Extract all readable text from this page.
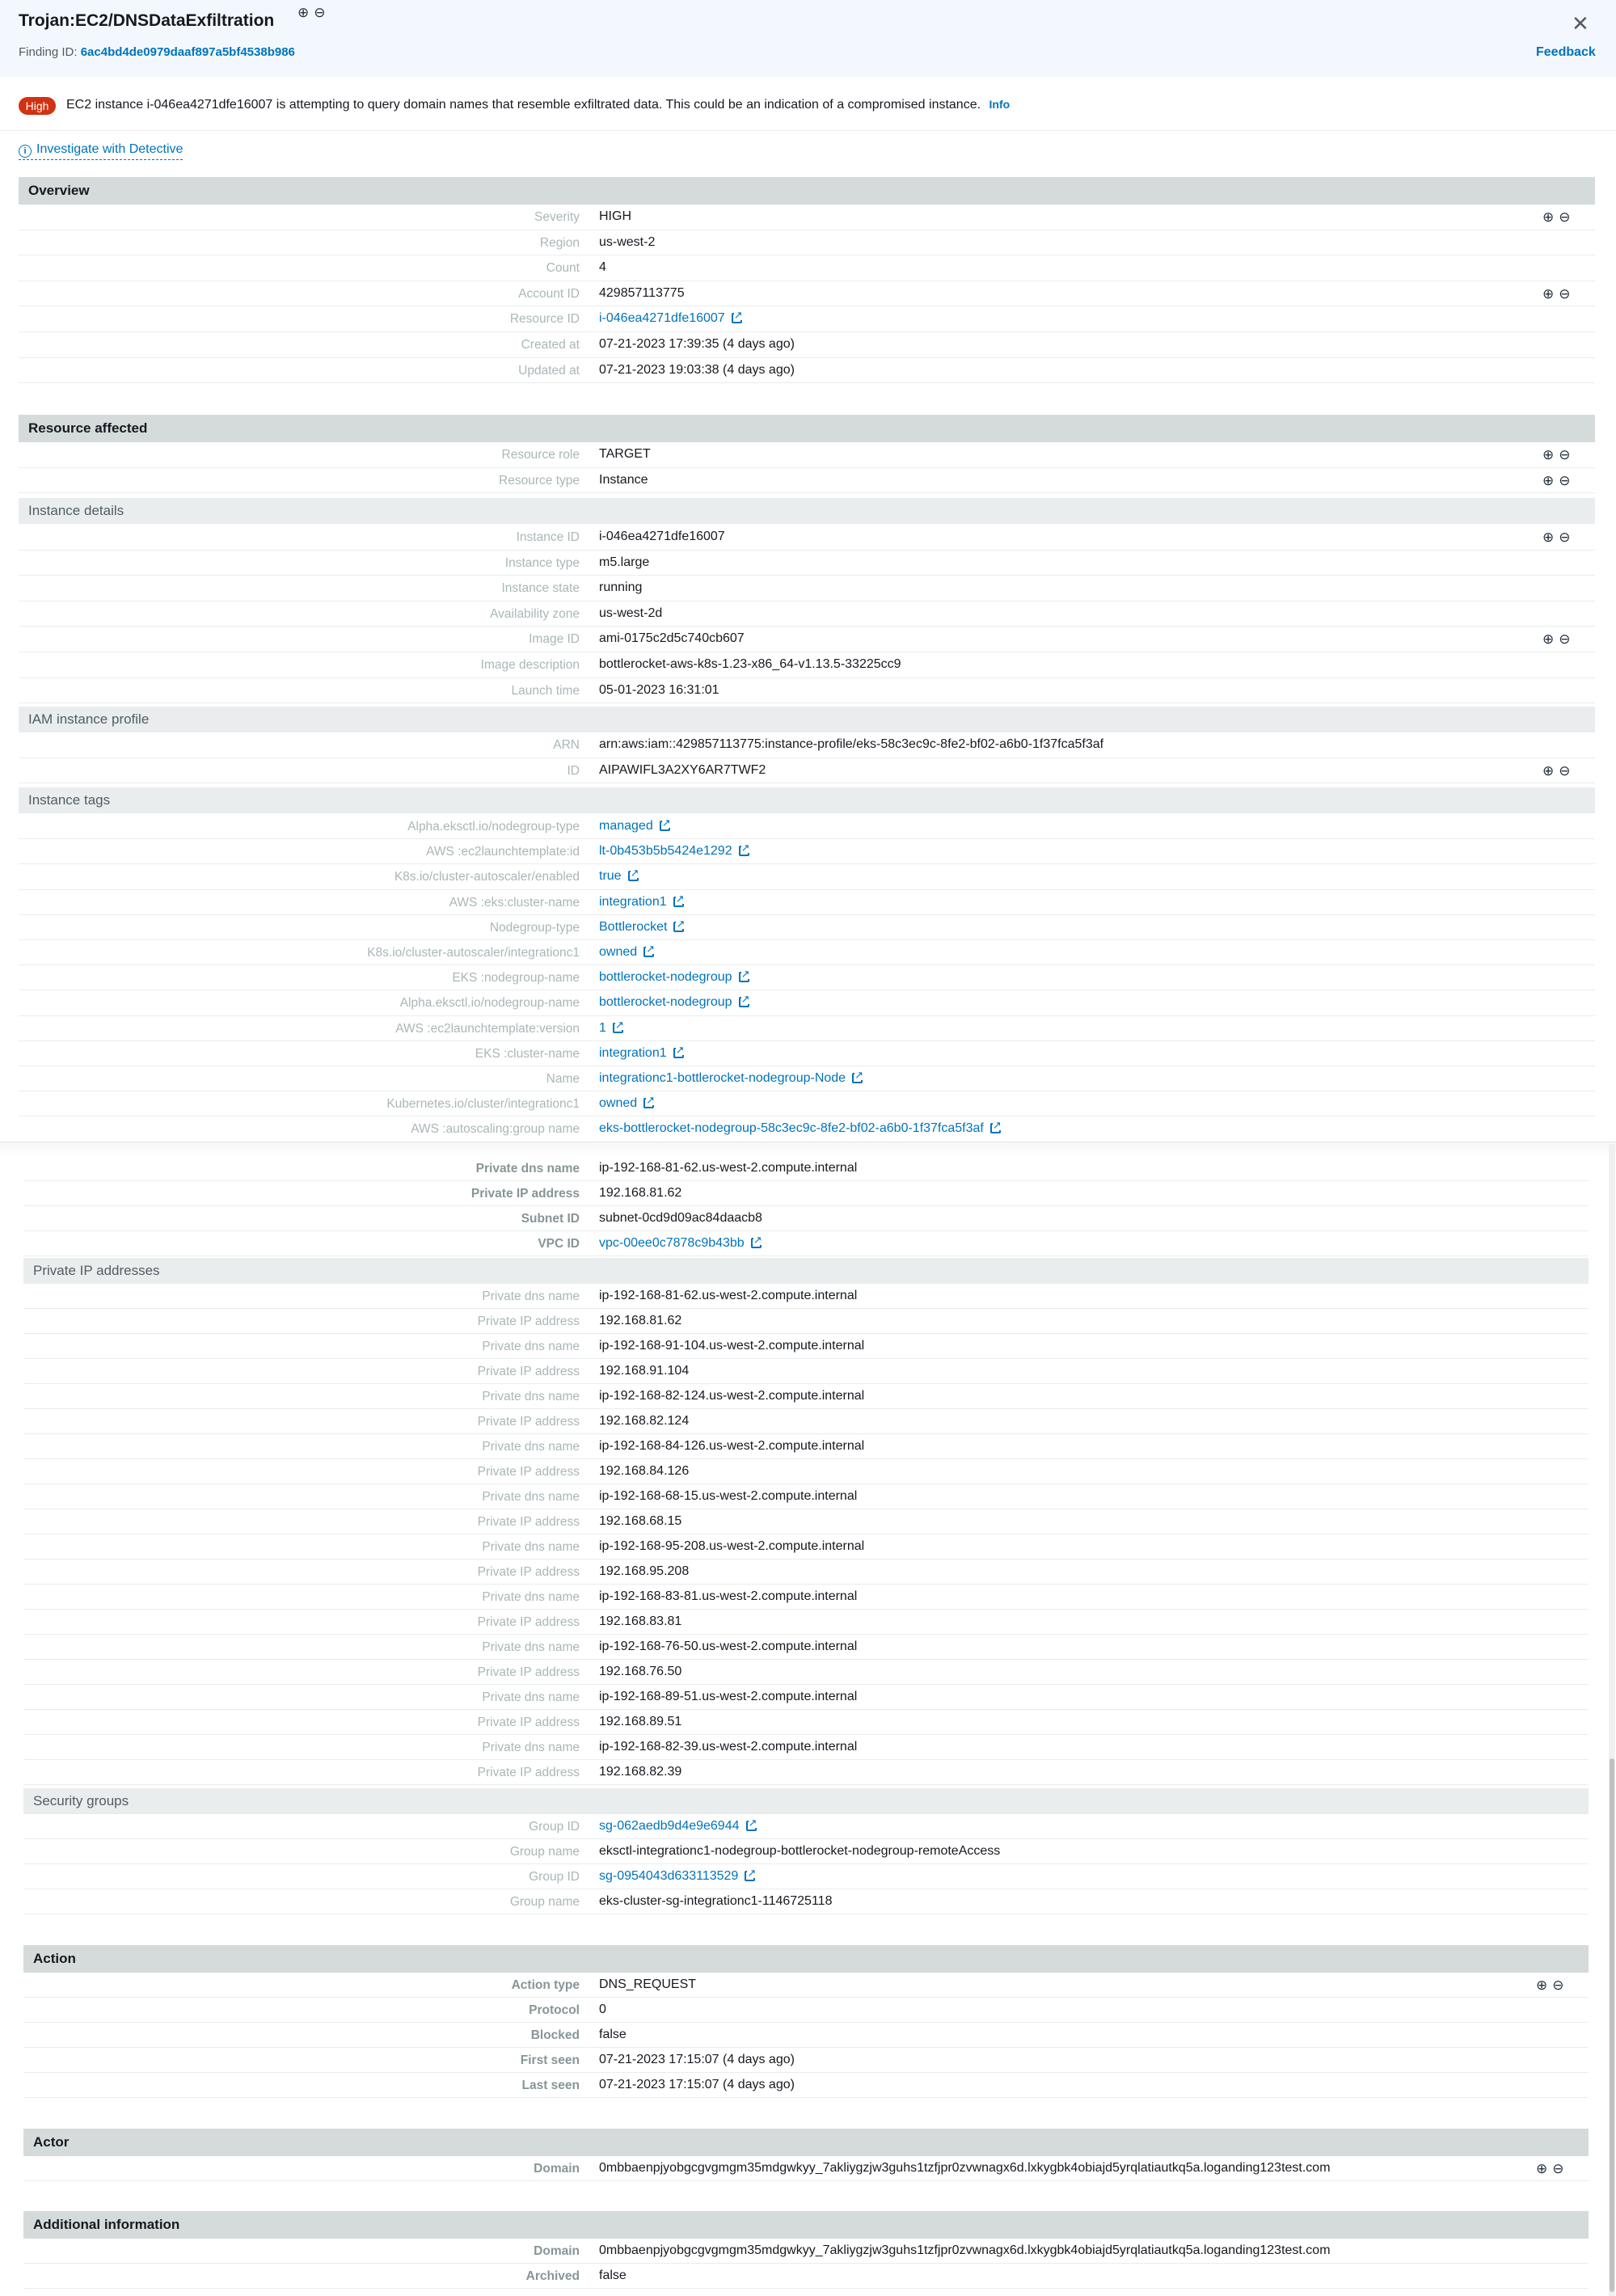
Trojan:EC2/DNSDataExfiltration ⊕⊖
Finding ID: 6ac4bd4de0979daaf897a5bf4538b986
✕
Feedback
High	EC2 instance i-046ea4271dfe16007 is attempting to query domain names that resemble exfiltrated data. This could be an indication of a compromised instance. Info
i Investigate with Detective
Overview
Severity HIGH	⊕⊖
Region us-west-2
Count 4
Account ID 429857113775	⊕⊖
Resource ID i-046ea4271dfe16007↗
Created at 07-21-2023 17:39:35 (4 days ago)
Updated at 07-21-2023 19:03:38 (4 days ago)
Resource affected
Resource role TARGET	⊕⊖
Resource type Instance	⊕⊖
Instance details
Instance ID i-046ea4271dfe16007	⊕⊖
Instance type m5.large
Instance state running
Availability zone us-west-2d
Image ID ami-0175c2d5c740cb607	⊕⊖
Image description bottlerocket-aws-k8s-1.23-x86_64-v1.13.5-33225cc9
Launch time 05-01-2023 16:31:01
IAM instance profile
ARN arn:aws:iam::429857113775:instance-profile/eks-58c3ec9c-8fe2-bf02-a6b0-1f37fca5f3af
ID AIPAWIFL3A2XY6AR7TWF2	⊕⊖
Instance tags
Alpha.eksctl.io/nodegroup-type managed↗
AWS :ec2launchtemplate:id lt-0b453b5b5424e1292↗
K8s.io/cluster-autoscaler/enabled true↗
AWS :eks:cluster-name integration1↗
Nodegroup-type Bottlerocket↗
K8s.io/cluster-autoscaler/integrationc1 owned↗
EKS :nodegroup-name bottlerocket-nodegroup↗
Alpha.eksctl.io/nodegroup-name bottlerocket-nodegroup↗
AWS :ec2launchtemplate:version 1↗
EKS :cluster-name integration1↗
Name integrationc1-bottlerocket-nodegroup-Node↗
Kubernetes.io/cluster/integrationc1 owned↗
AWS :autoscaling:group name eks-bottlerocket-nodegroup-58c3ec9c-8fe2-bf02-a6b0-1f37fca5f3af↗
Private dns name ip-192-168-81-62.us-west-2.compute.internal
Private IP address 192.168.81.62
Subnet ID subnet-0cd9d09ac84daacb8
VPC ID vpc-00ee0c7878c9b43bb↗
Private IP addresses
Private dns name ip-192-168-81-62.us-west-2.compute.internal
Private IP address 192.168.81.62
Private dns name ip-192-168-91-104.us-west-2.compute.internal
Private IP address 192.168.91.104
Private dns name ip-192-168-82-124.us-west-2.compute.internal
Private IP address 192.168.82.124
Private dns name ip-192-168-84-126.us-west-2.compute.internal
Private IP address 192.168.84.126
Private dns name ip-192-168-68-15.us-west-2.compute.internal
Private IP address 192.168.68.15
Private dns name ip-192-168-95-208.us-west-2.compute.internal
Private IP address 192.168.95.208
Private dns name ip-192-168-83-81.us-west-2.compute.internal
Private IP address 192.168.83.81
Private dns name ip-192-168-76-50.us-west-2.compute.internal
Private IP address 192.168.76.50
Private dns name ip-192-168-89-51.us-west-2.compute.internal
Private IP address 192.168.89.51
Private dns name ip-192-168-82-39.us-west-2.compute.internal
Private IP address 192.168.82.39
Security groups
Group ID sg-062aedb9d4e9e6944↗
Group name eksctl-integrationc1-nodegroup-bottlerocket-nodegroup-remoteAccess
Group ID sg-0954043d633113529↗
Group name eks-cluster-sg-integrationc1-1146725118
Action
Action type DNS_REQUEST	⊕⊖
Protocol 0
Blocked false
First seen 07-21-2023 17:15:07 (4 days ago)
Last seen 07-21-2023 17:15:07 (4 days ago)
Actor
Domain 0mbbaenpjyobgcgvgmgm35mdgwkyy_7akliygzjw3guhs1tzfjpr0zvwnagx6d.lxkygbk4obiajd5yrqlatiautkq5a.loganding123test.com	⊕⊖
Additional information
Domain 0mbbaenpjyobgcgvgmgm35mdgwkyy_7akliygzjw3guhs1tzfjpr0zvwnagx6d.lxkygbk4obiajd5yrqlatiautkq5a.loganding123test.com
Archived false
